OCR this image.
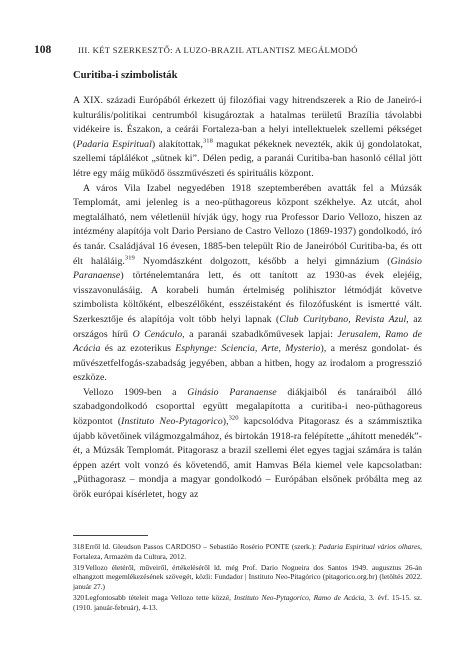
108	III. KÉT SZERKESZTŐ: A LUZO-BRAZIL ATLANTISZ MEGÁLMODÓ
Curitiba-i szimbolisták

A XIX. századi Európából érkezett új filozófiai vagy hitrendszerek a Rio de Janeiró-i kulturális/politikai centrumból kisugároztak a hatalmas területű Brazília távolabbi vidékeire is. Északon, a ceárái Fortaleza-ban a helyi intellektuelek szellemi pékséget (Padaria Espiritual) alakítottak,$^{318}$ magukat pékeknek nevezték, akik új gondolatokat, szellemi táplálékot „sütnek ki”. Délen pedig, a paranái Curitiba-ban hasonló céllal jött létre egy máig működő összművészeti és spirituális központ.

A város Vila Izabel negyedében 1918 szeptemberében avatták fel a Múzsák Templomát, ami jelenleg is a neo-püthagoreus központ székhelye. Az utcát, ahol megtalálható, nem véletlenül hívják úgy, hogy rua Professor Dario Vellozo, hiszen az intézmény alapítója volt Dario Persiano de Castro Vellozo (1869-1937) gondolkodó, író és tanár. Családjával 16 évesen, 1885-ben települt Rio de Janeiróból Curitiba-ba, és ott élt haláláig.$^{319}$ Nyomdászként dolgozott, később a helyi gimnázium (Ginásio Paranaense) történelemtanára lett, és ott tanított az 1930-as évek elejéig, visszavonulásáig. A korabeli humán értelmiség polihisztor létmódját követve szimbolista költőként, elbeszélőként, esszéistaként és filozófusként is ismertté vált. Szerkesztője és alapítója volt több helyi lapnak (Club Curitybano, Revista Azul, az országos hírű O Cenáculo, a paranái szabadkőművesek lapjai: Jerusalem, Ramo de Acácia és az ezoterikus Esphynge: Sciencia, Arte, Mysterio), a merész gondolat- és művészetfelfogás-szabadság jegyében, abban a hitben, hogy az irodalom a progresszió eszköze.

Vellozo 1909-ben a Ginásio Paranaense diákjaiból és tanáraiból álló szabadgondolkodó csoporttal együtt megalapította a curitiba-i neo-püthagoreus központot (Instituto Neo-Pytagorico),$^{320}$ kapcsolódva Pitagorasz és a számmisztika újabb követőinek világmozgalmához, és birtokán 1918-ra felépítette „áhított menedék”-ét, a Múzsák Templomát. Pitagorasz a brazil szellemi élet egyes tagjai számára is talán éppen azért volt vonzó és követendő, amit Hamvas Béla kiemel vele kapcsolatban: „Püthagorasz – mondja a magyar gondolkodó – Európában elsőnek próbálta meg az örök európai kísérletet, hogy az

318Erről ld. Gleudson Passos CARDOSO – Sebastião Rosério PONTE (szerk.): Padaria Espiritual vários olhares, Fortaleza, Armazém da Cultura, 2012.

319Vellozo életéről, műveiről, értékeléséről ld. még Prof. Dario Nogueira dos Santos 1949. augusztus 26-án elhangzott megemlékezésének szövegét, közli: Fundador | Instituto Neo-Pitagórico (pitagorico.org.br) (letöltés 2022. január 27.)

320Legfontosabb tételeit maga Vellozo tette közzé, Instituto Neo-Pytagorico, Ramo de Acácia, 3. évf. 15-15. sz. (1910. január-február), 4-13.
